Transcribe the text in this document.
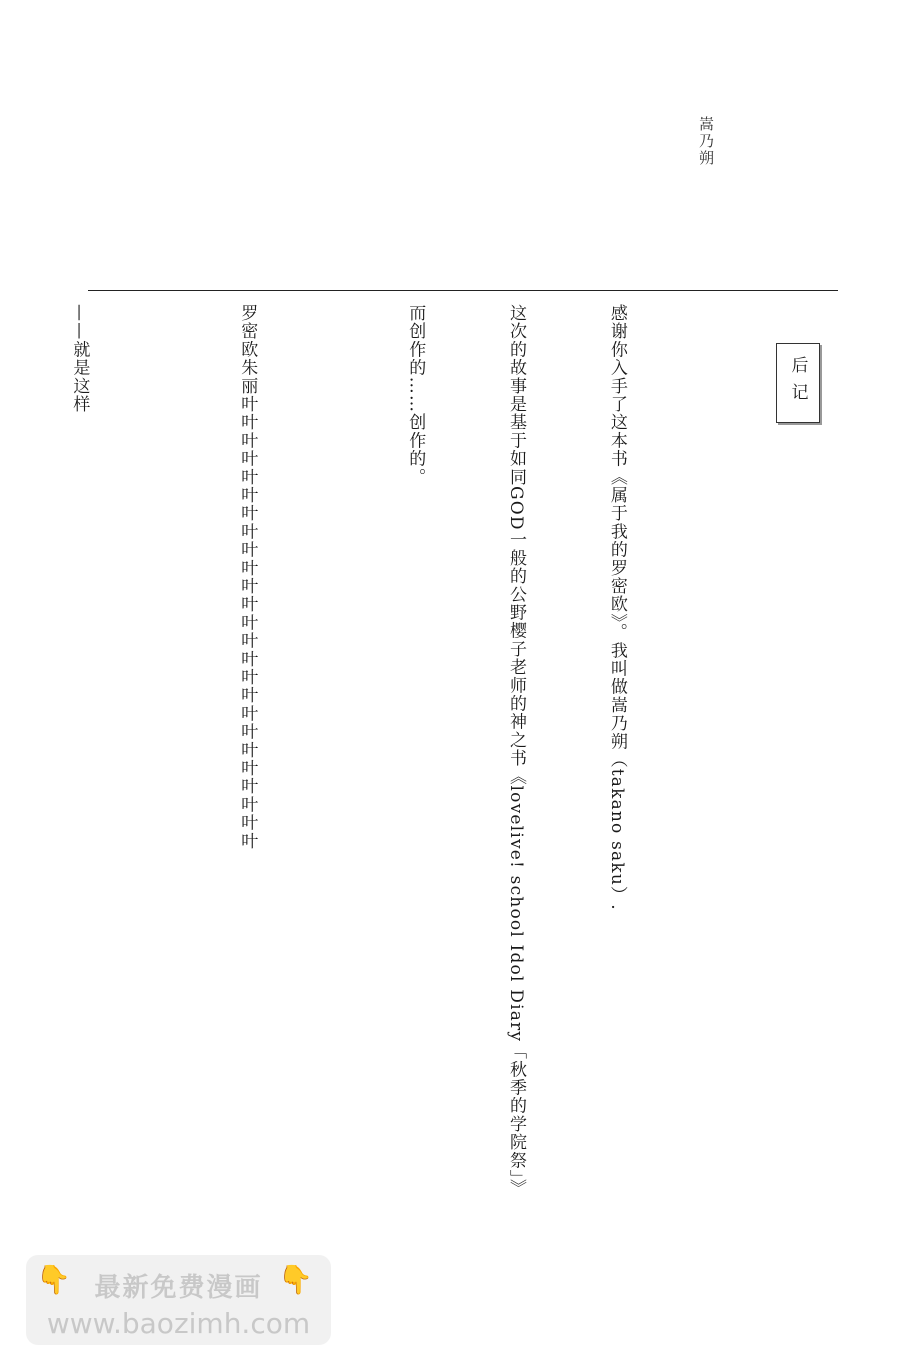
嵩乃朔
后记

感谢你入手了这本书《属于我的罗密欧》。我叫做嵩乃朔（takano saku）.

这次的故事是基于如同GOD一般的公野樱子老师的神之书《lovelive! school Idol Diary「秋季的学院祭」》

而创作的……创作的。

罗密欧朱丽叶叶叶叶叶叶叶叶叶叶叶叶叶叶叶叶叶叶叶叶叶叶叶叶叶

——就是这样

👇	👇
最新免费漫画
www.baozimh.com
